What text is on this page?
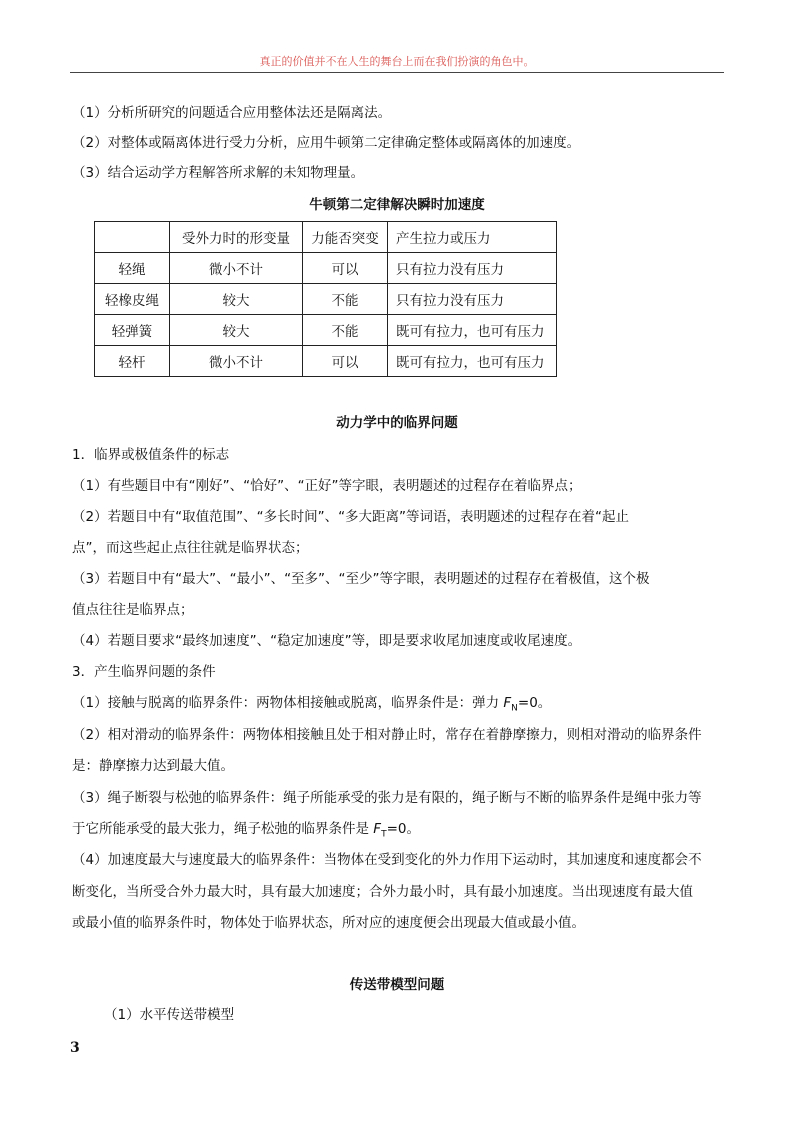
真正的价值并不在人生的舞台上而在我们扮演的角色中。
（1）分析所研究的问题适合应用整体法还是隔离法。
（2）对整体或隔离体进行受力分析，应用牛顿第二定律确定整体或隔离体的加速度。
（3）结合运动学方程解答所求解的未知物理量。
牛顿第二定律解决瞬时加速度
	受外力时的形变量	力能否突变	产生拉力或压力
轻绳	微小不计	可以	只有拉力没有压力
轻橡皮绳	较大	不能	只有拉力没有压力
轻弹簧	较大	不能	既可有拉力，也可有压力
轻杆	微小不计	可以	既可有拉力，也可有压力
动力学中的临界问题
1．临界或极值条件的标志
（1）有些题目中有“刚好”、“恰好”、“正好”等字眼，表明题述的过程存在着临界点；
（2）若题目中有“取值范围”、“多长时间”、“多大距离”等词语，表明题述的过程存在着“起止
点”，而这些起止点往往就是临界状态；
（3）若题目中有“最大”、“最小”、“至多”、“至少”等字眼，表明题述的过程存在着极值，这个极
值点往往是临界点；
（4）若题目要求“最终加速度”、“稳定加速度”等，即是要求收尾加速度或收尾速度。
3．产生临界问题的条件
（1）接触与脱离的临界条件：两物体相接触或脱离，临界条件是：弹力 $F_N=0$。
（2）相对滑动的临界条件：两物体相接触且处于相对静止时，常存在着静摩擦力，则相对滑动的临界条件
是：静摩擦力达到最大值。
（3）绳子断裂与松弛的临界条件：绳子所能承受的张力是有限的，绳子断与不断的临界条件是绳中张力等
于它所能承受的最大张力，绳子松弛的临界条件是 $F_T=0$。
（4）加速度最大与速度最大的临界条件：当物体在受到变化的外力作用下运动时，其加速度和速度都会不
断变化，当所受合外力最大时，具有最大加速度；合外力最小时，具有最小加速度。当出现速度有最大值
或最小值的临界条件时，物体处于临界状态，所对应的速度便会出现最大值或最小值。
传送带模型问题
（1）水平传送带模型
3
